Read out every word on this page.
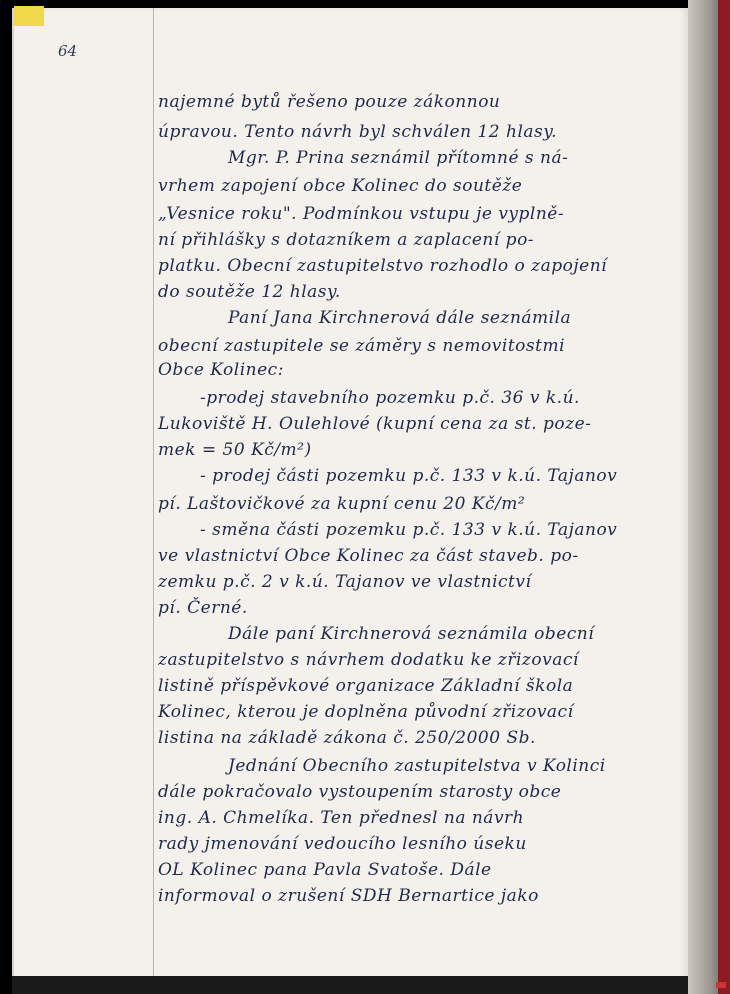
64
najemné bytů řešeno pouze zákonnou
úpravou. Tento návrh byl schválen 12 hlasy.
Mgr. P. Prina seznámil přítomné s ná-
vrhem zapojení obce Kolinec do soutěže
„Vesnice roku". Podmínkou vstupu je vyplně-
ní přihlášky s dotazníkem a zaplacení po-
platku. Obecní zastupitelstvo rozhodlo o zapojení
do soutěže 12 hlasy.
Paní Jana Kirchnerová dále seznámila
obecní zastupitele se záměry s nemovitostmi
Obce Kolinec:
-prodej stavebního pozemku p.č. 36 v k.ú.
Lukoviště H. Oulehlové (kupní cena za st. poze-
mek = 50 Kč/m²)
- prodej části pozemku p.č. 133 v k.ú. Tajanov
pí. Laštovičkové za kupní cenu 20 Kč/m²
- směna části pozemku p.č. 133 v k.ú. Tajanov
ve vlastnictví Obce Kolinec za část staveb. po-
zemku p.č. 2 v k.ú. Tajanov ve vlastnictví
pí. Černé.
Dále paní Kirchnerová seznámila obecní
zastupitelstvo s návrhem dodatku ke zřizovací
listině příspěvkové organizace Základní škola
Kolinec, kterou je doplněna původní zřizovací
listina na základě zákona č. 250/2000 Sb.
Jednání Obecního zastupitelstva v Kolinci
dále pokračovalo vystoupením starosty obce
ing. A. Chmelíka. Ten přednesl na návrh
rady jmenování vedoucího lesního úseku
OL Kolinec pana Pavla Svatoše. Dále
informoval o zrušení SDH Bernartice jako
